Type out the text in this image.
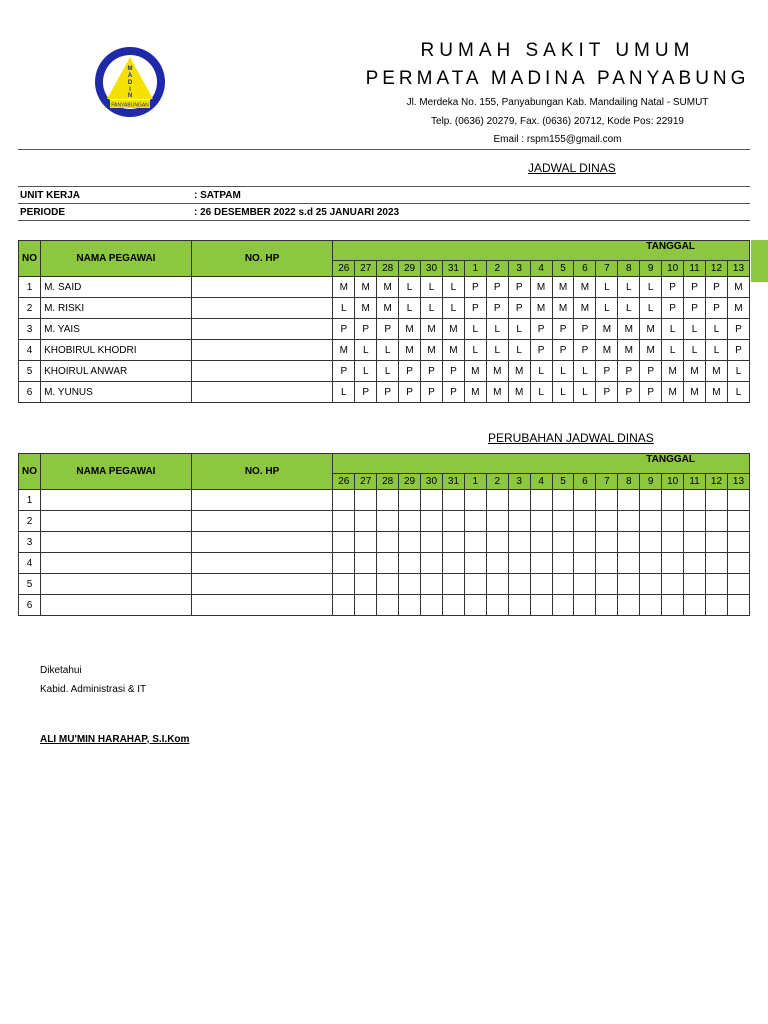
M
A
D
I
N
PANYABUNGAN
RUMAH SAKIT UMUM
PERMATA MADINA PANYABUNG
Jl. Merdeka No. 155, Panyabungan Kab. Mandailing Natal - SUMUT
Telp. (0636) 20279, Fax. (0636) 20712, Kode Pos: 22919
Email : rspm155@gmail.com
JADWAL DINAS
UNIT KERJA	: SATPAM
PERIODE	: 26 DESEMBER 2022 s.d 25 JANUARI 2023
NO	NAMA PEGAWAI	NO. HP	TANGGAL																		
			26	27	28	29	30	31	1	2	3	4	5	6	7	8	9	10	11	12	13
1	M. SAID		M	M	M	L	L	L	P	P	P	M	M	M	L	L	L	P	P	P	M
2	M. RISKI		L	M	M	L	L	L	P	P	P	M	M	M	L	L	L	P	P	P	M
3	M. YAIS		P	P	P	M	M	M	L	L	L	P	P	P	M	M	M	L	L	L	P
4	KHOBIRUL KHODRI		M	L	L	M	M	M	L	L	L	P	P	P	M	M	M	L	L	L	P
5	KHOIRUL ANWAR		P	L	L	P	P	P	M	M	M	L	L	L	P	P	P	M	M	M	L
6	M. YUNUS		L	P	P	P	P	P	M	M	M	L	L	L	P	P	P	M	M	M	L
PERUBAHAN JADWAL DINAS
NO	NAMA PEGAWAI	NO. HP	TANGGAL																		
			26	27	28	29	30	31	1	2	3	4	5	6	7	8	9	10	11	12	13
1																					
2																					
3																					
4																					
5																					
6																					
Diketahui
Kabid. Administrasi & IT
ALI MU'MIN HARAHAP, S.I.Kom
